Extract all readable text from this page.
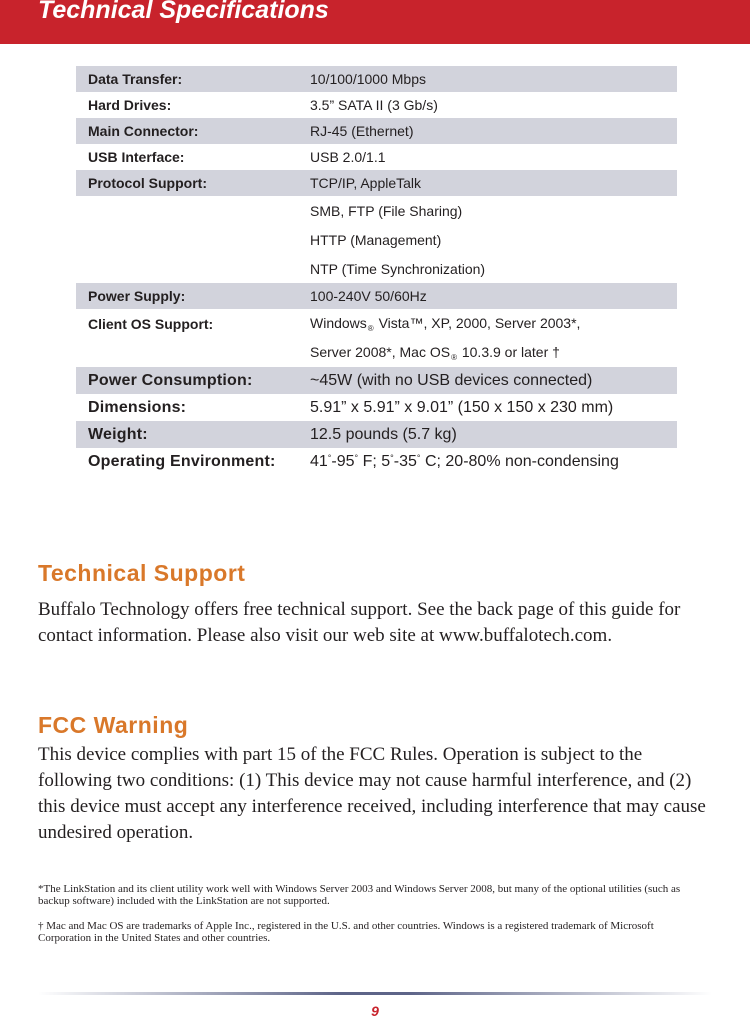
Technical Specifications
Data Transfer:	10/100/1000 Mbps
Hard Drives:	3.5” SATA II (3 Gb/s)
Main Connector:	RJ-45 (Ethernet)
USB Interface:	USB 2.0/1.1
Protocol Support:	TCP/IP, AppleTalk
	SMB, FTP (File Sharing)
	HTTP (Management)
	NTP (Time Synchronization)
Power Supply:	100-240V 50/60Hz
Client OS Support:	Windows$_®$ Vista™, XP, 2000, Server 2003*,
	Server 2008*, Mac $OS_®$ 10.3.9 or later †
Power Consumption:	~45W (with no USB devices connected)
Dimensions:	5.91” x 5.91” x 9.01” (150 x 150 x 230 mm)
Weight:	12.5 pounds (5.7 kg)
Operating Environment:	41°-95° F; 5°-35° C; 20-80% non-condensing
Technical Support

Buffalo Technology offers free technical support. See the back page of this guide for contact information. Please also visit our web site at www.buffalotech.com.

FCC Warning

This device complies with part 15 of the FCC Rules. Operation is subject to the following two conditions: (1) This device may not cause harmful interference, and (2) this device must accept any interference received, including interference that may cause undesired operation.

*The LinkStation and its client utility work well with Windows Server 2003 and Windows Server 2008, but many of the optional utilities (such as backup software) included with the LinkStation are not supported.

† Mac and Mac OS are trademarks of Apple Inc., registered in the U.S. and other countries. Windows is a registered trademark of Microsoft Corporation in the United States and other countries.

9
